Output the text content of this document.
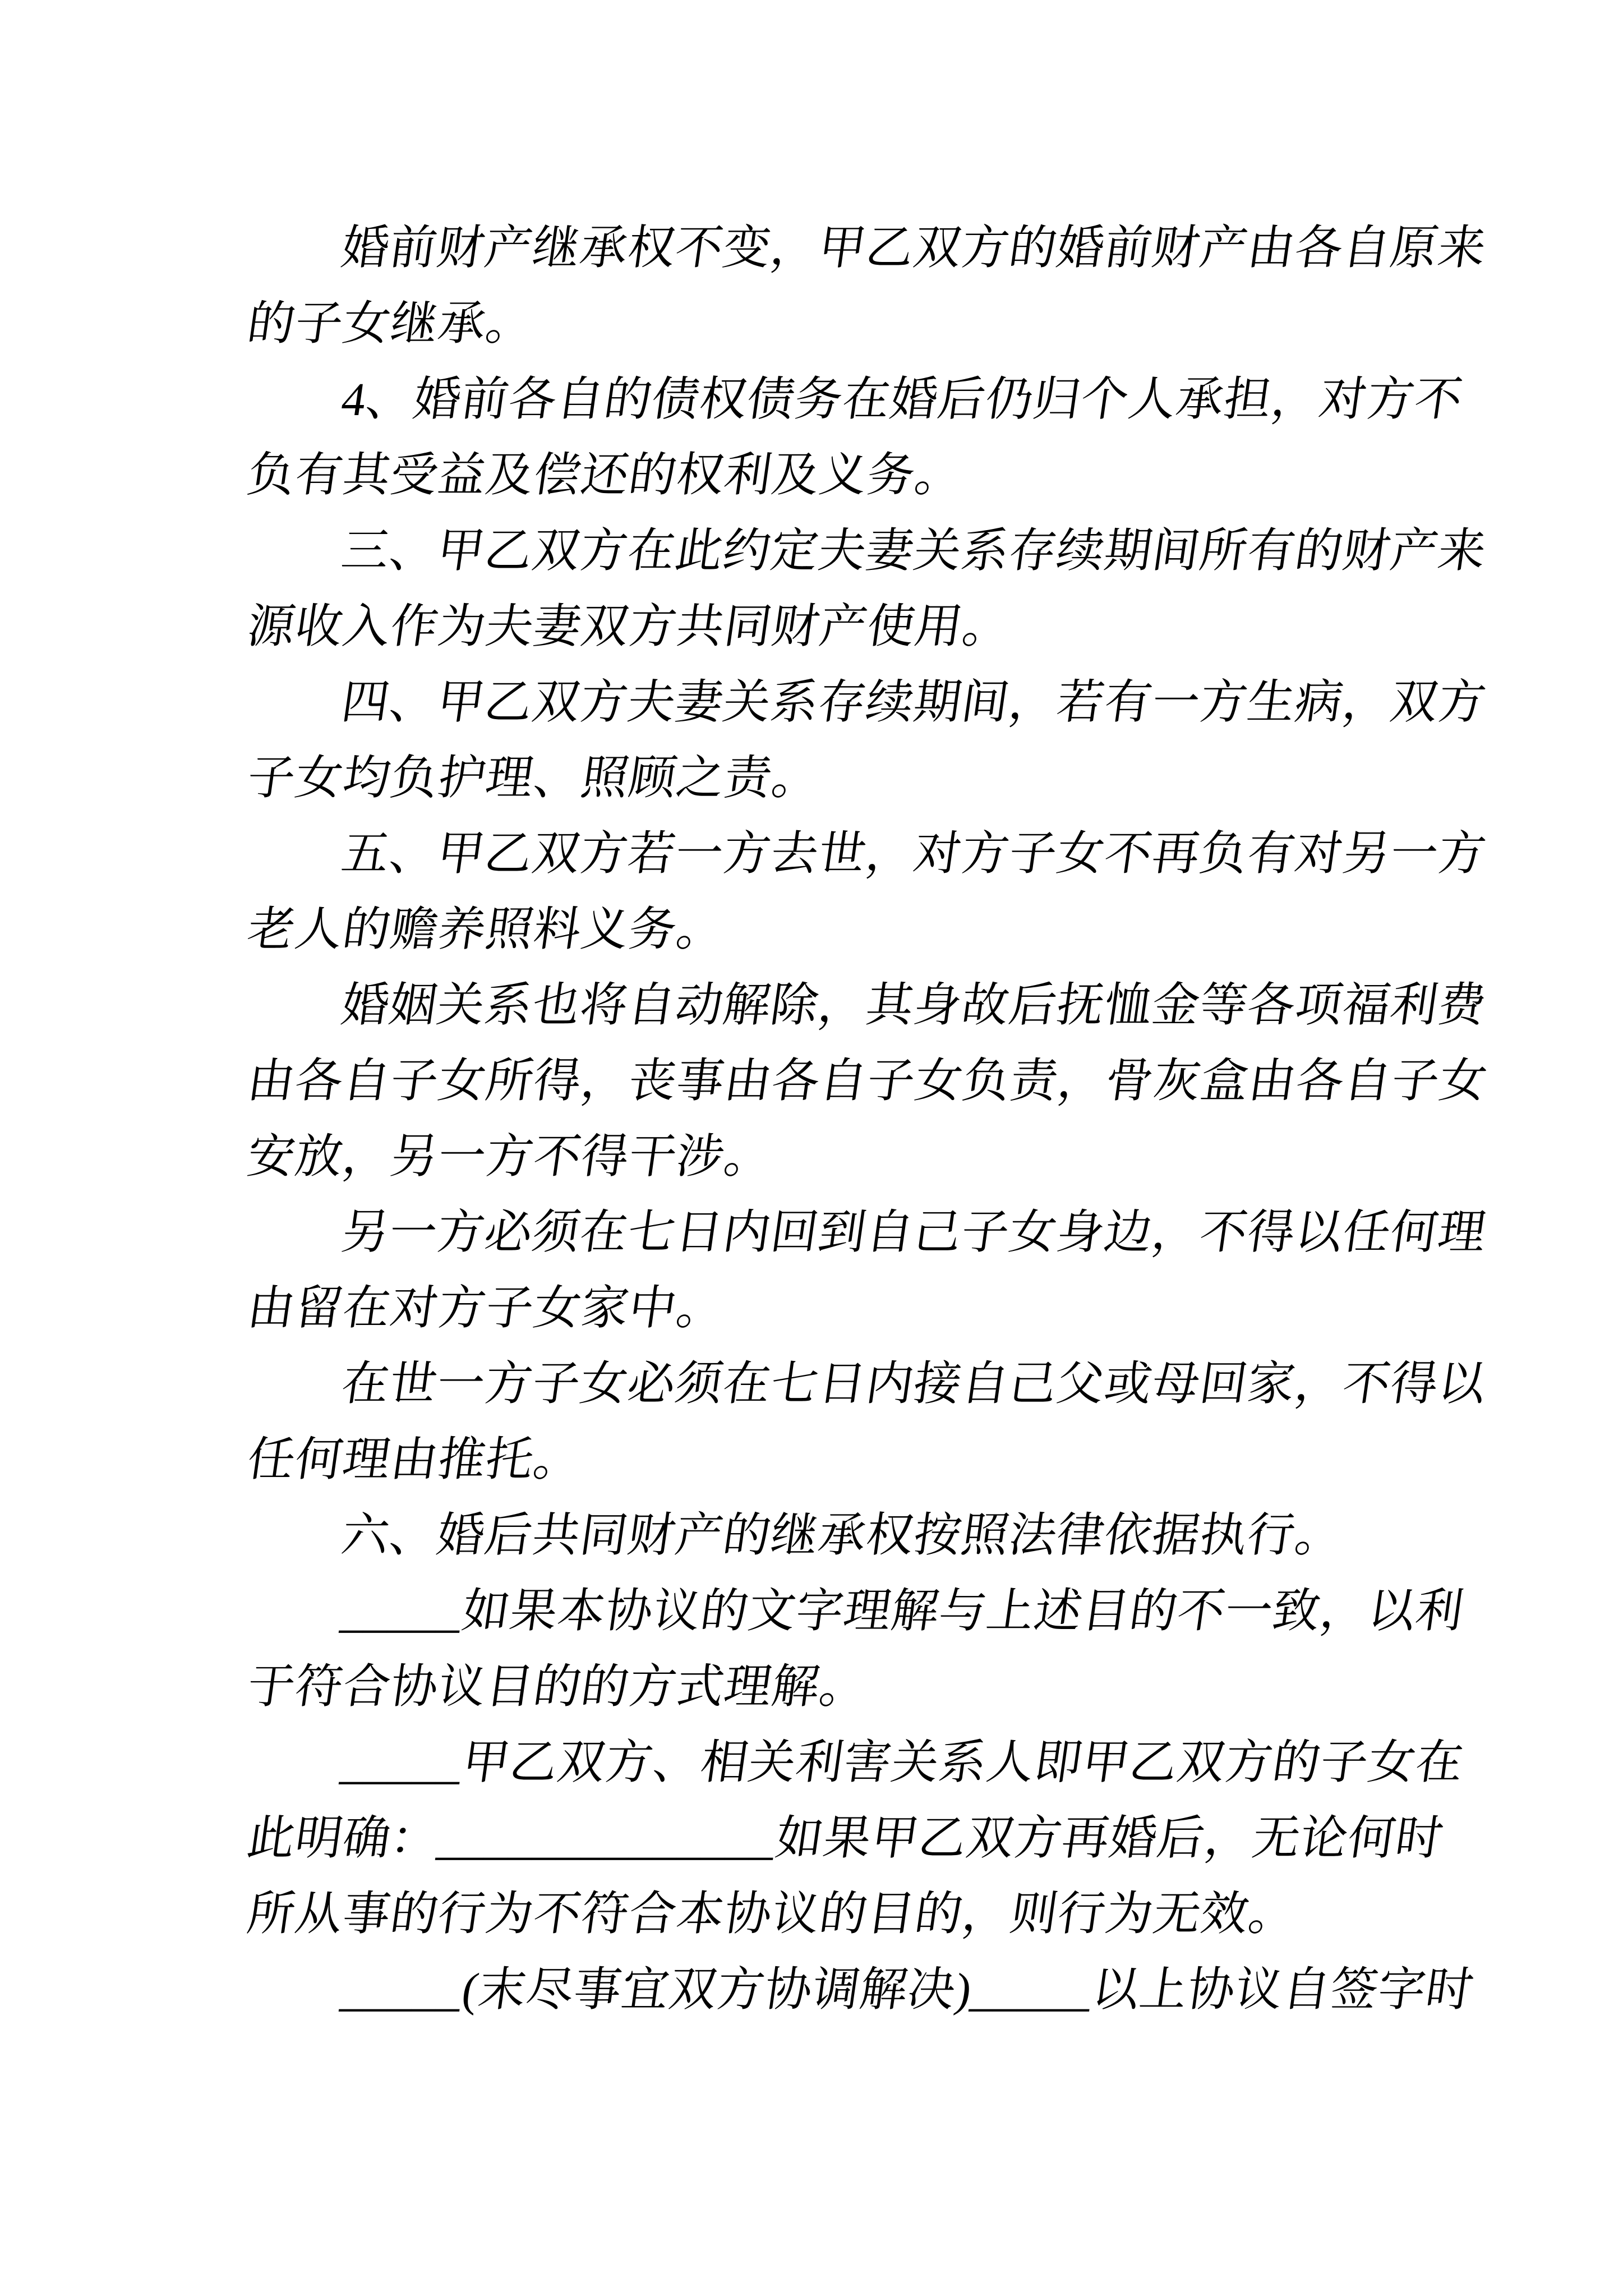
婚前财产继承权不变，甲乙双方的婚前财产由各自原来
的子女继承。
4、婚前各自的债权债务在婚后仍归个人承担，对方不
负有其受益及偿还的权利及义务。
三、甲乙双方在此约定夫妻关系存续期间所有的财产来
源收入作为夫妻双方共同财产使用。
四、甲乙双方夫妻关系存续期间，若有一方生病，双方
子女均负护理、照顾之责。
五、甲乙双方若一方去世，对方子女不再负有对另一方
老人的赡养照料义务。
婚姻关系也将自动解除，其身故后抚恤金等各项福利费
由各自子女所得，丧事由各自子女负责，骨灰盒由各自子女
安放，另一方不得干涉。
另一方必须在七日内回到自己子女身边，不得以任何理
由留在对方子女家中。
在世一方子女必须在七日内接自己父或母回家，不得以
任何理由推托。
六、婚后共同财产的继承权按照法律依据执行。
_____如果本协议的文字理解与上述目的不一致，以利
于符合协议目的的方式理解。
_____甲乙双方、相关利害关系人即甲乙双方的子女在
此明确：______________如果甲乙双方再婚后，无论何时
所从事的行为不符合本协议的目的，则行为无效。
_____(末尽事宜双方协调解决)_____以上协议自签字时
